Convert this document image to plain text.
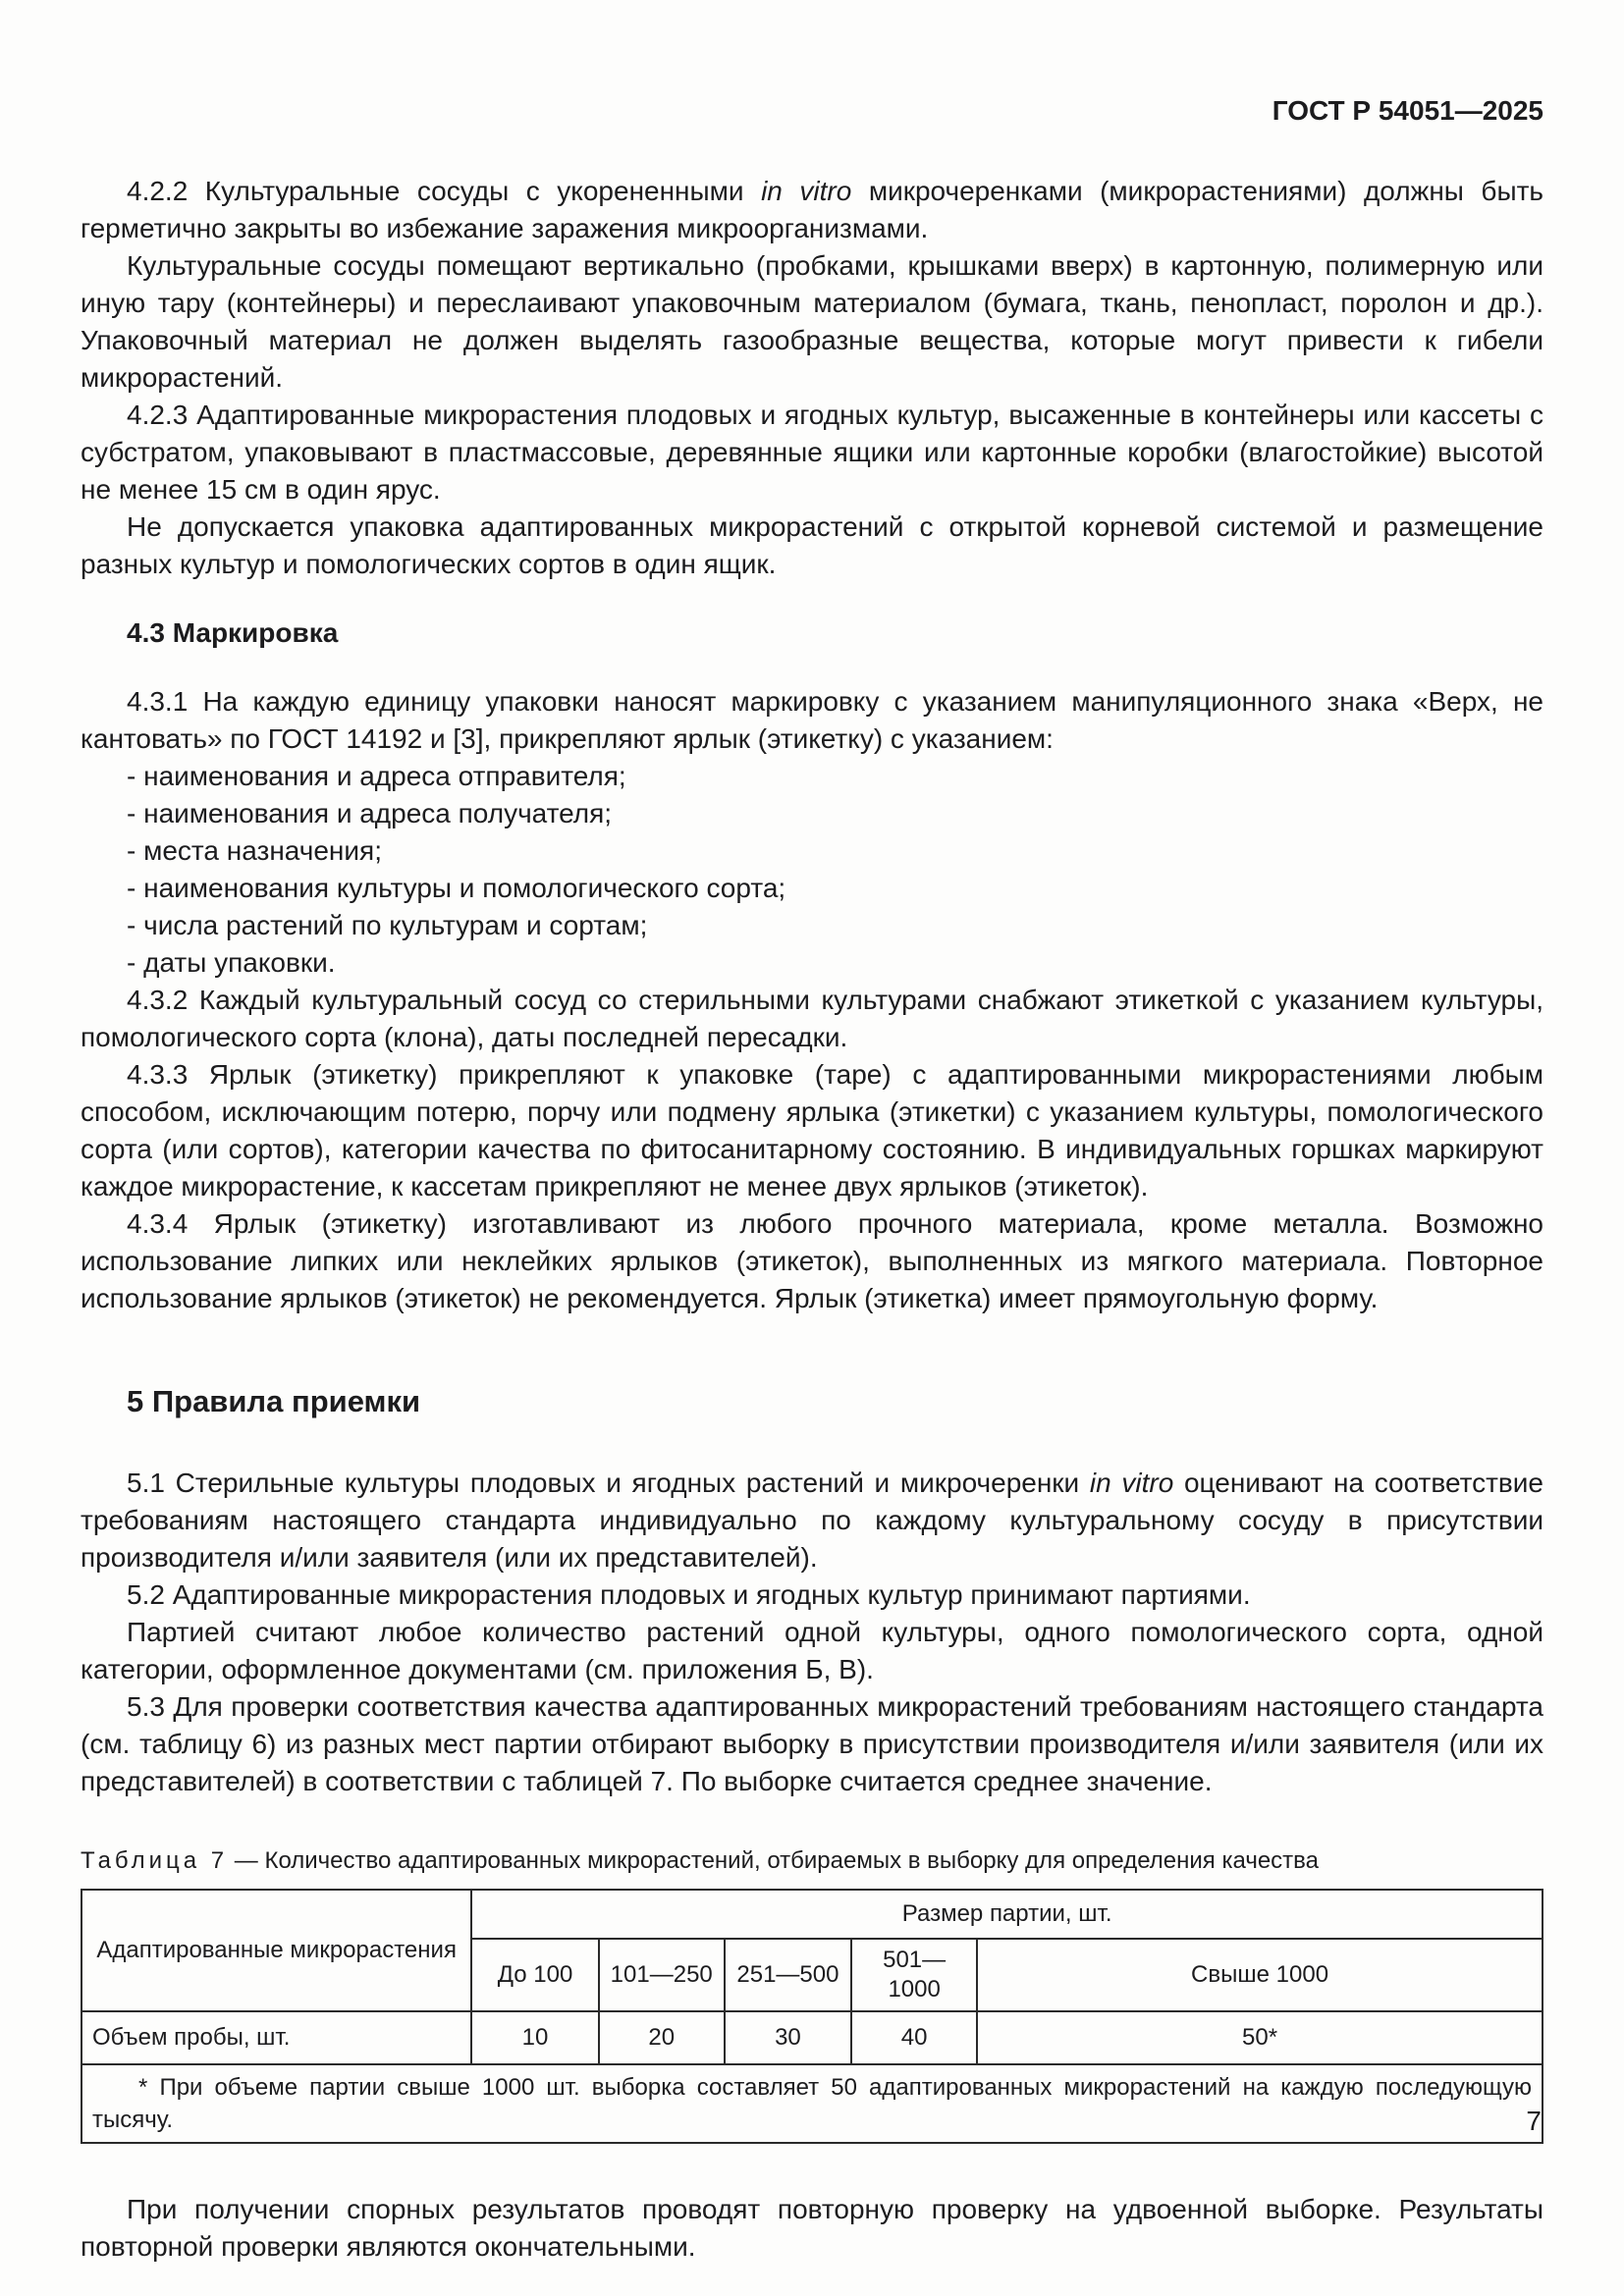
ГОСТ Р 54051—2025

4.2.2 Культуральные сосуды с укорененными in vitro микрочеренками (микрорастениями) должны быть герметично закрыты во избежание заражения микроорганизмами.

Культуральные сосуды помещают вертикально (пробками, крышками вверх) в картонную, полимерную или иную тару (контейнеры) и переслаивают упаковочным материалом (бумага, ткань, пенопласт, поролон и др.). Упаковочный материал не должен выделять газообразные вещества, которые могут привести к гибели микрорастений.

4.2.3 Адаптированные микрорастения плодовых и ягодных культур, высаженные в контейнеры или кассеты с субстратом, упаковывают в пластмассовые, деревянные ящики или картонные коробки (влагостойкие) высотой не менее 15 см в один ярус.

Не допускается упаковка адаптированных микрорастений с открытой корневой системой и размещение разных культур и помологических сортов в один ящик.

4.3 Маркировка

4.3.1 На каждую единицу упаковки наносят маркировку с указанием манипуляционного знака «Верх, не кантовать» по ГОСТ 14192 и [3], прикрепляют ярлык (этикетку) с указанием:

- наименования и адреса отправителя;
- наименования и адреса получателя;
- места назначения;
- наименования культуры и помологического сорта;
- числа растений по культурам и сортам;
- даты упаковки.

4.3.2 Каждый культуральный сосуд со стерильными культурами снабжают этикеткой с указанием культуры, помологического сорта (клона), даты последней пересадки.

4.3.3 Ярлык (этикетку) прикрепляют к упаковке (таре) с адаптированными микрорастениями любым способом, исключающим потерю, порчу или подмену ярлыка (этикетки) с указанием культуры, помологического сорта (или сортов), категории качества по фитосанитарному состоянию. В индивидуальных горшках маркируют каждое микрорастение, к кассетам прикрепляют не менее двух ярлыков (этикеток).

4.3.4 Ярлык (этикетку) изготавливают из любого прочного материала, кроме металла. Возможно использование липких или неклейких ярлыков (этикеток), выполненных из мягкого материала. Повторное использование ярлыков (этикеток) не рекомендуется. Ярлык (этикетка) имеет прямоугольную форму.

5 Правила приемки

5.1 Стерильные культуры плодовых и ягодных растений и микрочеренки in vitro оценивают на соответствие требованиям настоящего стандарта индивидуально по каждому культуральному сосуду в присутствии производителя и/или заявителя (или их представителей).

5.2 Адаптированные микрорастения плодовых и ягодных культур принимают партиями.

Партией считают любое количество растений одной культуры, одного помологического сорта, одной категории, оформленное документами (см. приложения Б, В).

5.3 Для проверки соответствия качества адаптированных микрорастений требованиям настоящего стандарта (см. таблицу 6) из разных мест партии отбирают выборку в присутствии производителя и/или заявителя (или их представителей) в соответствии с таблицей 7. По выборке считается среднее значение.

Таблица 7 — Количество адаптированных микрорастений, отбираемых в выборку для определения качества
Адаптированные микрорастения	Размер партии, шт.				
	До 100	101—250	251—500	501—1000	Свыше 1000
Объем пробы, шт.	10	20	30	40	50*

* При объеме партии свыше 1000 шт. выборка составляет 50 адаптированных микрорастений на каждую последующую тысячу.					

При получении спорных результатов проводят повторную проверку на удвоенной выборке. Результаты повторной проверки являются окончательными.

7
